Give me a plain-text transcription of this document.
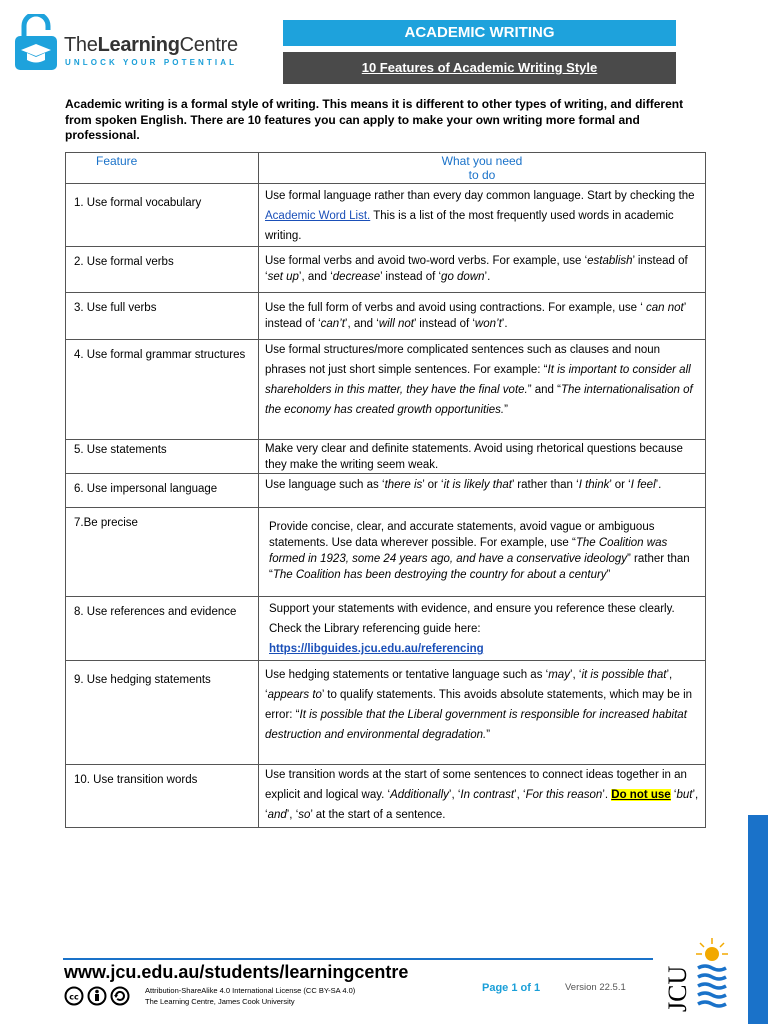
TheLearningCentre
UNLOCK YOUR POTENTIAL
ACADEMIC WRITING
10 Features of Academic Writing Style

Academic writing is a formal style of writing. This means it is different to other types of writing, and different from spoken English. There are 10 features you can apply to make your own writing more formal and professional.

Feature	What you need
to do
1. Use formal vocabulary	Use formal language rather than every day common language. Start by checking the Academic Word List. This is a list of the most frequently used words in academic writing.
2. Use formal verbs	Use formal verbs and avoid two-word verbs. For example, use ‘establish’ instead of ‘set up’, and ‘decrease’ instead of ‘go down’.
3. Use full verbs	Use the full form of verbs and avoid using contractions. For example, use ‘ can not’ instead of ‘can’t’, and ‘will not’ instead of ‘won’t’.
4. Use formal grammar structures	Use formal structures/more complicated sentences such as clauses and noun phrases not just short simple sentences. For example: “It is important to consider all shareholders in this matter, they have the final vote.” and “The internationalisation of the economy has created growth opportunities.”
5. Use statements	Make very clear and definite statements. Avoid using rhetorical questions because they make the writing seem weak.
6. Use impersonal language	Use language such as ‘there is’ or ‘it is likely that’ rather than ‘I think’ or ‘I feel’.
7.Be precise	Provide concise, clear, and accurate statements, avoid vague or ambiguous statements. Use data wherever possible. For example, use “The Coalition was formed in 1923, some 24 years ago, and have a conservative ideology” rather than “The Coalition has been destroying the country for about a century”
8. Use references and evidence	Support your statements with evidence, and ensure you reference these clearly. Check the Library referencing guide here:
https://libguides.jcu.edu.au/referencing
9. Use hedging statements	Use hedging statements or tentative language such as ‘may’, ‘it is possible that’, ‘appears to’ to qualify statements. This avoids absolute statements, which may be in error: “It is possible that the Liberal government is responsible for increased habitat destruction and environmental degradation.”
10. Use transition words	Use transition words at the start of some sentences to connect ideas together in an explicit and logical way. ‘Additionally’, ‘In contrast’, ‘For this reason’. Do not use ‘but’, ‘and’, ‘so’ at the start of a sentence.
www.jcu.edu.au/students/learningcentre
cc
Attribution-ShareAlike 4.0 International License (CC BY-SA 4.0)
The Learning Centre, James Cook University
Page 1 of 1	Version 22.5.1 JCU
